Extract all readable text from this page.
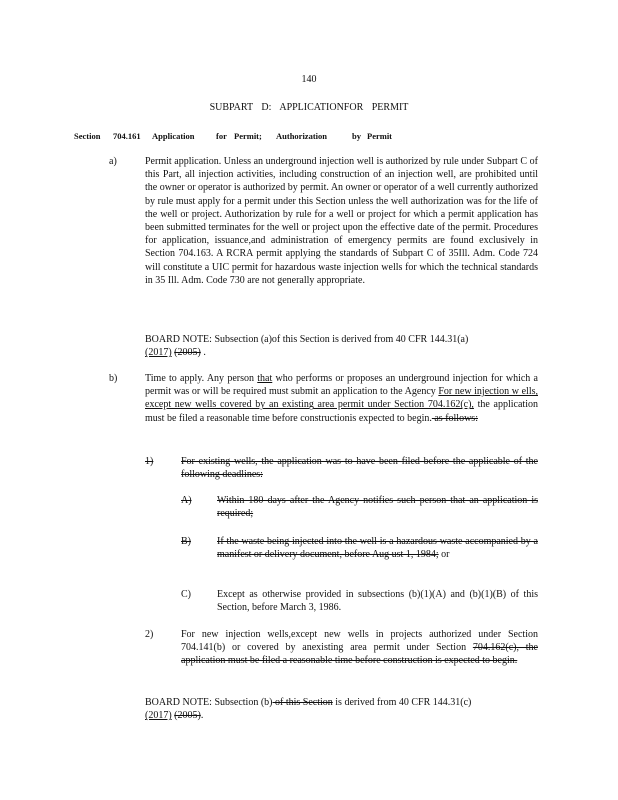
140
SUBPART D: APPLICATIONFOR PERMIT
Section 704.161 Application	for Permit; Authorization	by Permit
a)	Permit application. Unless an underground injection well is authorized by rule under Subpart C of this Part, all injection activities, including construction of an injection well, are prohibited until the owner or operator is authorized by permit. An owner or operator of a well currently authorized by rule must apply for a permit under this Section unless the well authorization was for the life of the well or project. Authorization by rule for a well or project for which a permit application has been submitted terminates for the well or project upon the effective date of the permit. Procedures for application, issuance,and administration of emergency permits are found exclusively in Section 704.163. A RCRA permit applying the standards of Subpart C of 35Ill. Adm. Code 724 will constitute a UIC permit for hazardous waste injection wells for which the technical standards in 35 Ill. Adm. Code 730 are not generally appropriate.
BOARD NOTE: Subsection (a)of this Section is derived from 40 CFR 144.31(a)
(2017) (2005) .
b)	Time to apply. Any person that who performs or proposes an underground injection for which a permit was or will be required must submit an application to the Agency For new injection w ells, except new wells covered by an existing area permit under Section 704.162(c), the application must be filed a reasonable time before constructionis expected to begin. as follows:
1)	For existing wells, the application was to have been filed before the applicable of the following deadlines:
A)	Within 180 days after the Agency notifies such person that an application is required;
B)	If the waste being injected into the well is a hazardous waste accompanied by a manifest or delivery document, before Aug ust 1, 1984; or
C)	Except as otherwise provided in subsections (b)(1)(A) and (b)(1)(B) of this Section, before March 3, 1986.
2)	For new injection wells,except new wells in projects authorized under Section 704.141(b) or covered by anexisting area permit under Section 704.162(c), the application must be filed a reasonable time before construction is expected to begin.
BOARD NOTE: Subsection (b) of this Section is derived from 40 CFR 144.31(c)
(2017) (2005).
